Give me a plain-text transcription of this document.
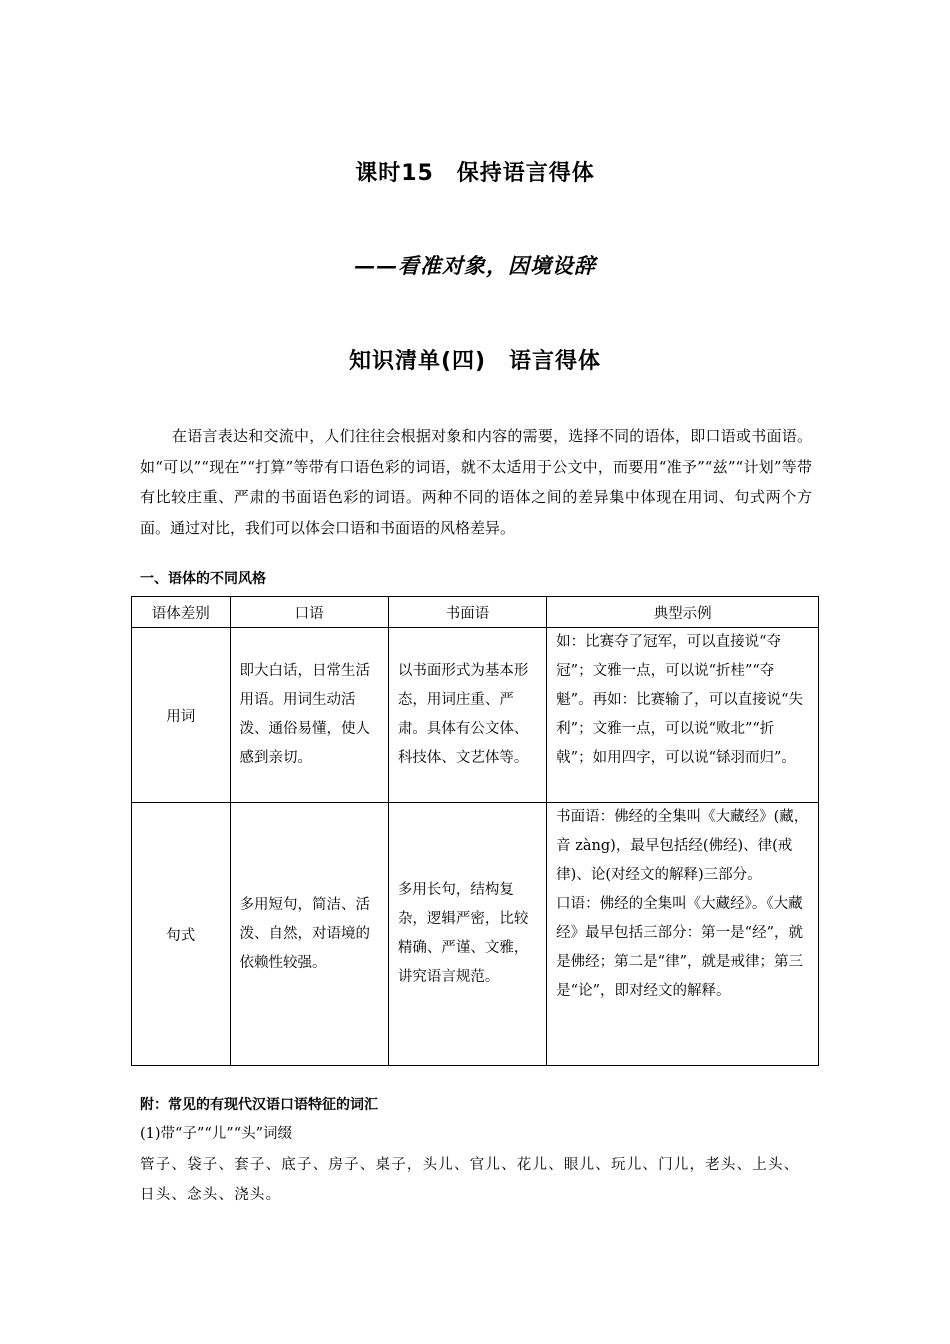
课时15　保持语言得体
——看准对象，因境设辞
知识清单(四)　语言得体

在语言表达和交流中，人们往往会根据对象和内容的需要，选择不同的语体，即口语或书面语。如“可以”“现在”“打算”等带有口语色彩的词语，就不太适用于公文中，而要用“准予”“兹”“计划”等带有比较庄重、严肃的书面语色彩的词语。两种不同的语体之间的差异集中体现在用词、句式两个方面。通过对比，我们可以体会口语和书面语的风格差异。

一、语体的不同风格
语体差别	口语	书面语	典型示例
用词	即大白话，日常生活用语。用词生动活泼、通俗易懂，使人感到亲切。	以书面形式为基本形态，用词庄重、严肃。具体有公文体、科技体、文艺体等。	如：比赛夺了冠军，可以直接说“夺冠”；文雅一点，可以说“折桂”“夺魁”。再如：比赛输了，可以直接说“失利”；文雅一点，可以说“败北”“折戟”；如用四字，可以说“铩羽而归”。
句式	多用短句，简洁、活泼、自然，对语境的依赖性较强。	多用长句，结构复杂，逻辑严密，比较精确、严谨、文雅，讲究语言规范。	书面语：佛经的全集叫《大藏经》(藏，音 zàng)，最早包括经(佛经)、律(戒律)、论(对经文的解释)三部分。
口语：佛经的全集叫《大藏经》。《大藏经》最早包括三部分：第一是“经”，就是佛经；第二是“律”，就是戒律；第三是“论”，即对经文的解释。
附：常见的有现代汉语口语特征的词汇
(1)带“子”“儿”“头”词缀

管子、袋子、套子、底子、房子、桌子，头儿、官儿、花儿、眼儿、玩儿、门儿，老头、上头、日头、念头、浇头。
